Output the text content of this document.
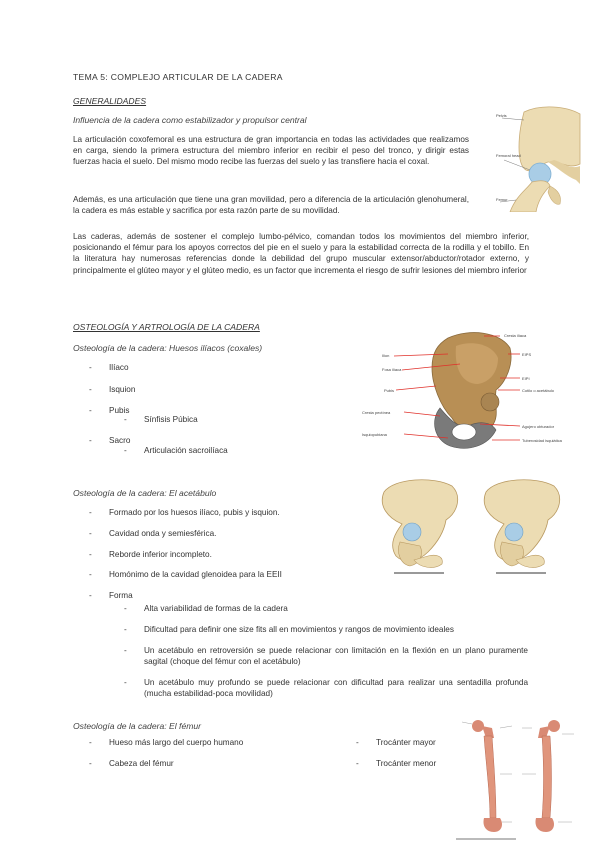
TEMA 5: COMPLEJO ARTICULAR DE LA CADERA
GENERALIDADES
Influencia de la cadera como estabilizador y propulsor central
La articulación coxofemoral es una estructura de gran importancia en todas las actividades que realizamos en carga, siendo la primera estructura del miembro inferior en recibir el peso del tronco, y dirigir estas fuerzas hacia el suelo. Del mismo modo recibe las fuerzas del suelo y las transfiere hacia el coxal.
Además, es una articulación que tiene una gran movilidad, pero a diferencia de la articulación glenohumeral, la cadera es más estable y sacrifica por esta razón parte de su movilidad.
Las caderas, además de sostener el complejo lumbo-pélvico, comandan todos los movimientos del miembro inferior, posicionando el fémur para los apoyos correctos del pie en el suelo y para la estabilidad correcta de la rodilla y el tobillo. En la literatura hay numerosas referencias donde la debilidad del grupo muscular extensor/abductor/rotador externo, y principalmente el glúteo mayor y el glúteo medio, es un factor que incrementa el riesgo de sufrir lesiones del miembro inferior
Pelvis
Femoral head
Femur
OSTEOLOGÍA Y ARTROLOGÍA DE LA CADERA
Osteología de la cadera: Huesos ilíacos (coxales)
- Ilíaco
- Isquion
- Pubis
- Sínfisis Púbica
- Sacro
- Articulación sacroilíaca
Cresta ilíaca
EIPS
EIPI
Ilion
Fosa ilíaca
Cotilo o acetábulo
Pubis
Cresta pectínea
Agujero obturador
Isquiopubiana
Tuberosidad isquiática
Osteología de la cadera: El acetábulo
- Formado por los huesos ilíaco, pubis y isquion.
- Cavidad onda y semiesférica.
- Reborde inferior incompleto.
- Homónimo de la cavidad glenoidea para la EEII
- Forma
- Alta variabilidad de formas de la cadera
- Dificultad para definir one size fits all en movimientos y rangos de movimiento ideales
-	Un acetábulo en retroversión se puede relacionar con limitación en la flexión en un plano puramente sagital (choque del fémur con el acetábulo)
-	Un acetábulo muy profundo se puede relacionar con dificultad para realizar una sentadilla profunda (mucha estabilidad-poca movilidad)
Osteología de la cadera: El fémur
- Hueso más largo del cuerpo humano
- Cabeza del fémur
- Trocánter mayor
- Trocánter menor
